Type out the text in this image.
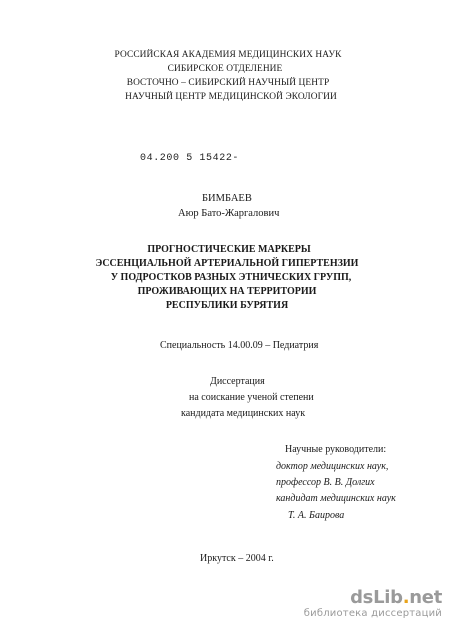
РОССИЙСКАЯ АКАДЕМИЯ МЕДИЦИНСКИХ НАУК
СИБИРСКОЕ ОТДЕЛЕНИЕ
ВОСТОЧНО – СИБИРСКИЙ НАУЧНЫЙ ЦЕНТР
НАУЧНЫЙ ЦЕНТР МЕДИЦИНСКОЙ ЭКОЛОГИИ
04.200 5 15422-
БИМБАЕВ
Аюр Бато-Жаргалович
ПРОГНОСТИЧЕСКИЕ МАРКЕРЫ
ЭССЕНЦИАЛЬНОЙ АРТЕРИАЛЬНОЙ ГИПЕРТЕНЗИИ
У ПОДРОСТКОВ РАЗНЫХ ЭТНИЧЕСКИХ ГРУПП,
ПРОЖИВАЮЩИХ НА ТЕРРИТОРИИ
РЕСПУБЛИКИ БУРЯТИЯ
Специальность 14.00.09 – Педиатрия
Диссертация
на соискание ученой степени
кандидата медицинских наук
Научные руководители:
доктор медицинских наук,
профессор В. В. Долгих
кандидат медицинских наук
Т. А. Баирова
Иркутск – 2004 г.
dsLib.net
библиотека диссертаций
